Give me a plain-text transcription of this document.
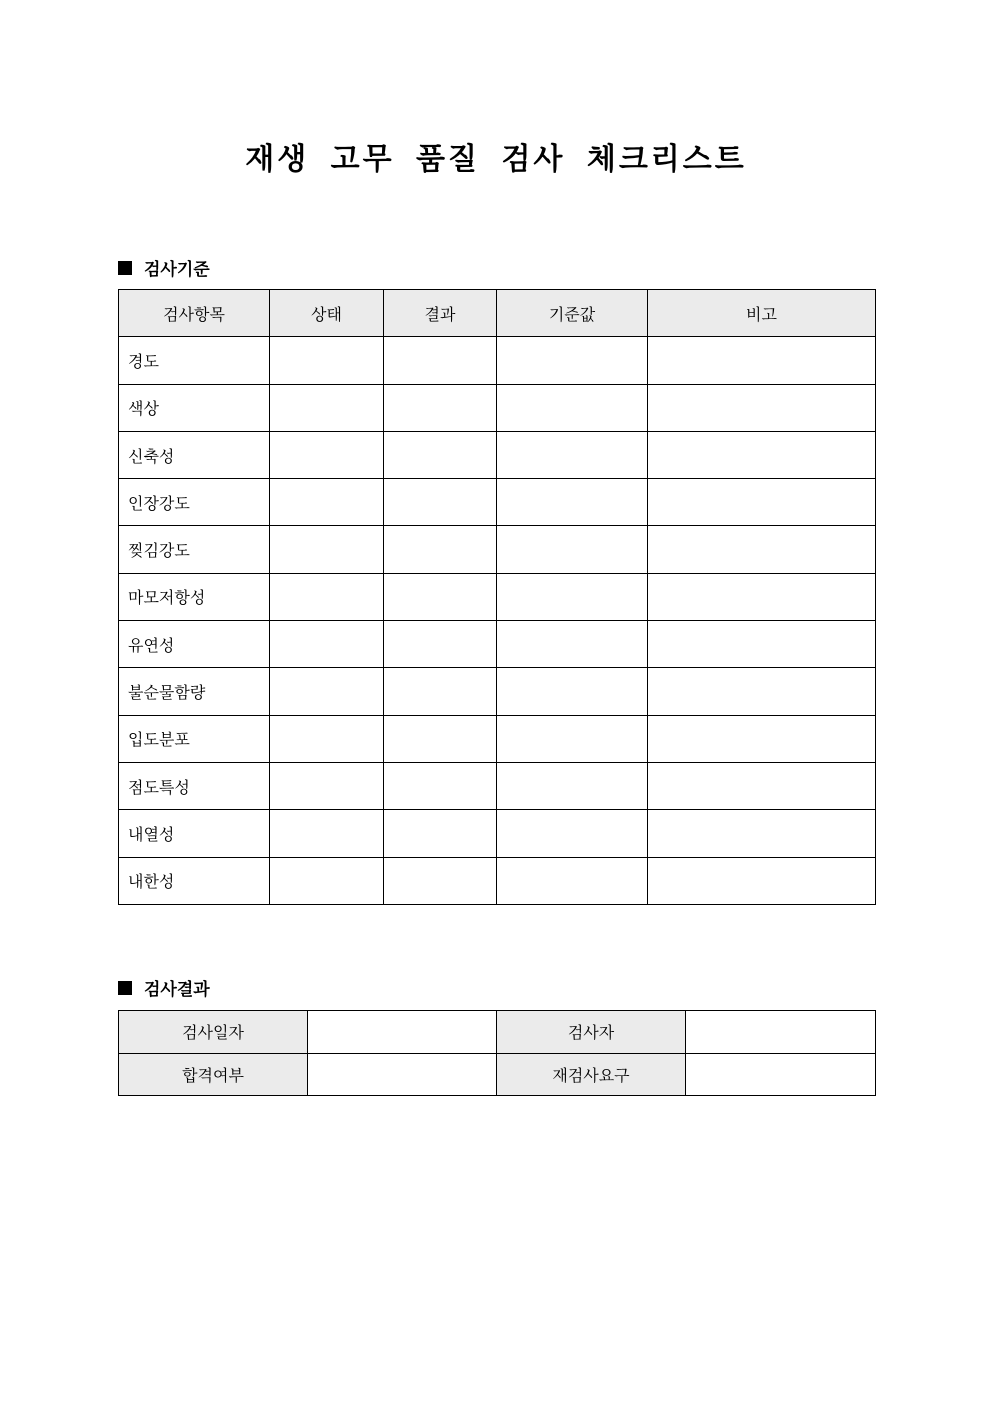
재생 고무 품질 검사 체크리스트
검사기준
검사항목	상태	결과	기준값	비고
경도				
색상				
신축성				
인장강도				
찢김강도				
마모저항성				
유연성				
불순물함량				
입도분포				
점도특성				
내열성				
내한성				
검사결과
검사일자		검사자	
합격여부		재검사요구	
